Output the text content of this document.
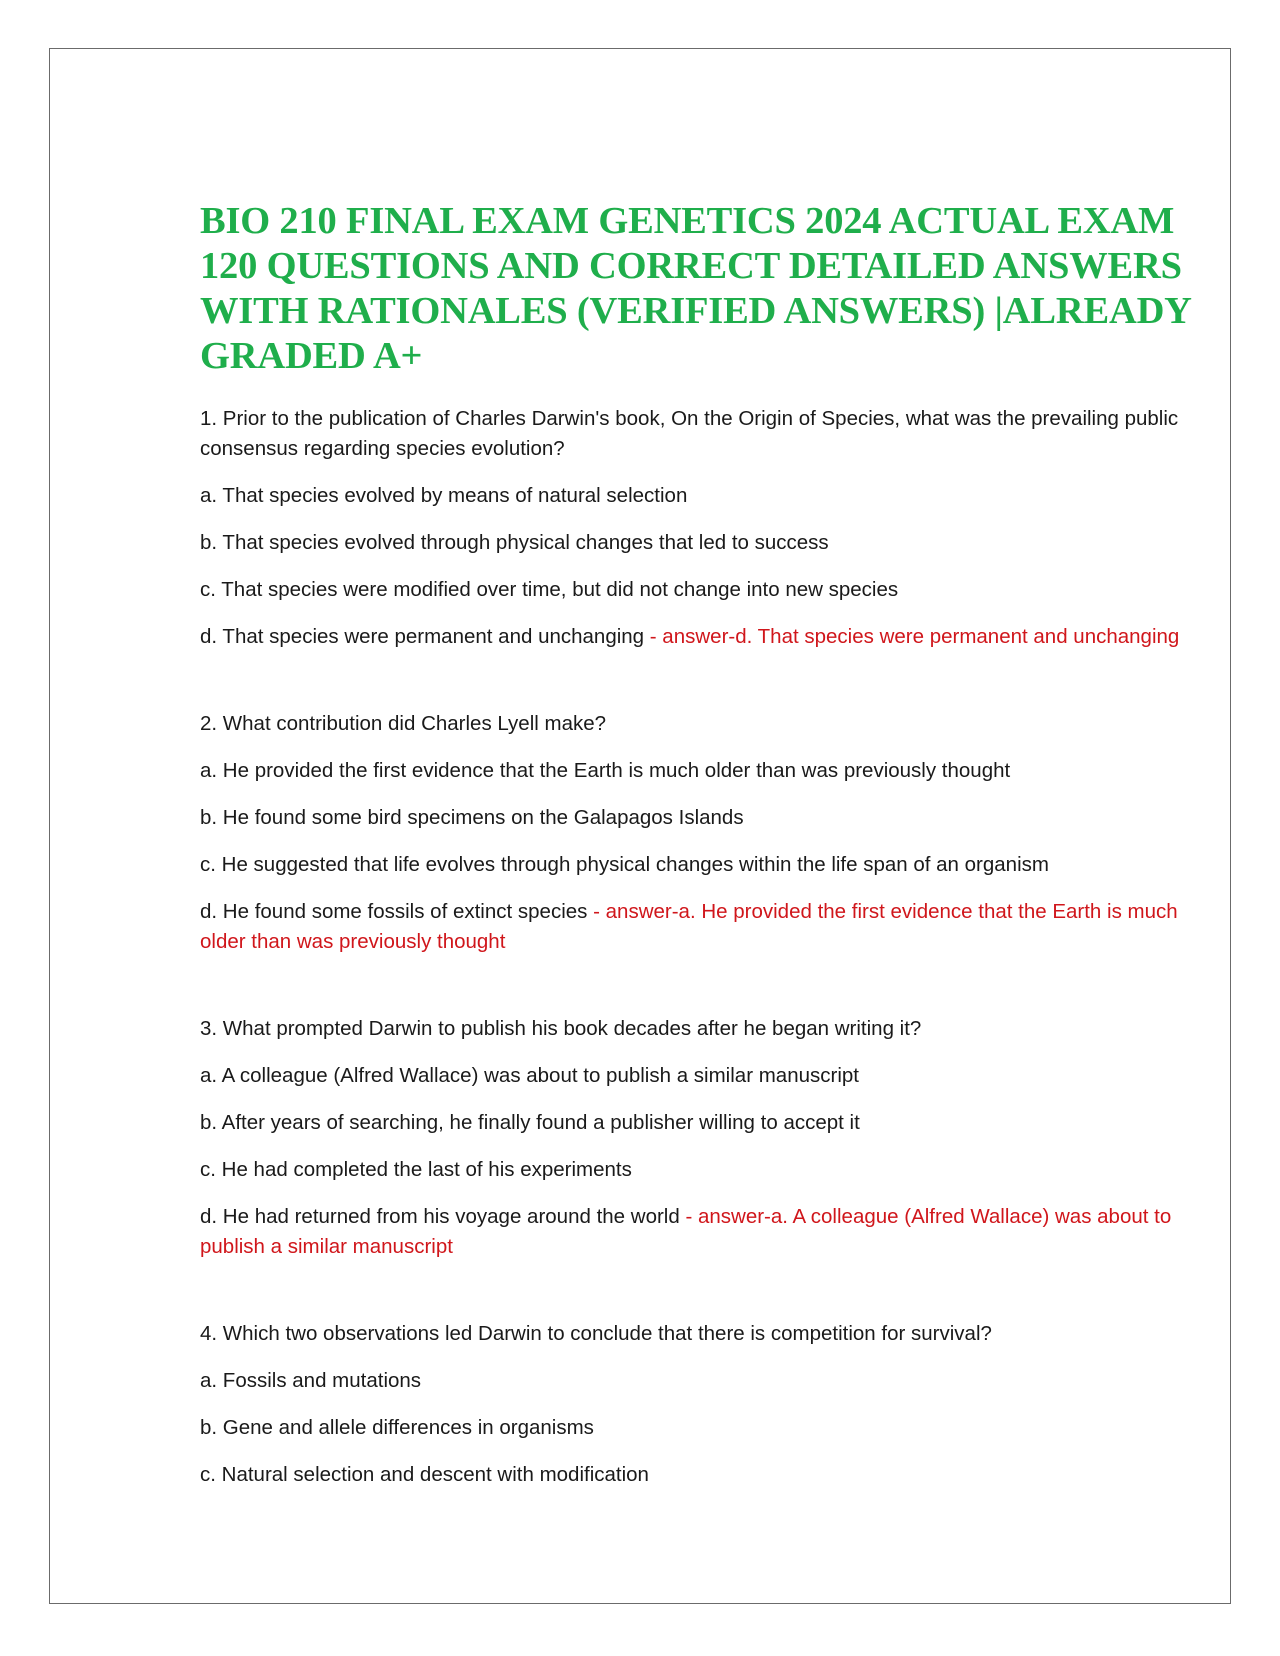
BIO 210 FINAL EXAM GENETICS 2024 ACTUAL EXAM 120 QUESTIONS AND CORRECT DETAILED ANSWERS WITH RATIONALES (VERIFIED ANSWERS) |ALREADY GRADED A+

1. Prior to the publication of Charles Darwin's book, On the Origin of Species, what was the prevailing public consensus regarding species evolution?

a. That species evolved by means of natural selection

b. That species evolved through physical changes that led to success

c. That species were modified over time, but did not change into new species

d. That species were permanent and unchanging - answer-d. That species were permanent and unchanging

2. What contribution did Charles Lyell make?

a. He provided the first evidence that the Earth is much older than was previously thought

b. He found some bird specimens on the Galapagos Islands

c. He suggested that life evolves through physical changes within the life span of an organism

d. He found some fossils of extinct species - answer-a. He provided the first evidence that the Earth is much older than was previously thought

3. What prompted Darwin to publish his book decades after he began writing it?

a. A colleague (Alfred Wallace) was about to publish a similar manuscript

b. After years of searching, he finally found a publisher willing to accept it

c. He had completed the last of his experiments

d. He had returned from his voyage around the world - answer-a. A colleague (Alfred Wallace) was about to publish a similar manuscript

4. Which two observations led Darwin to conclude that there is competition for survival?

a. Fossils and mutations

b. Gene and allele differences in organisms

c. Natural selection and descent with modification
